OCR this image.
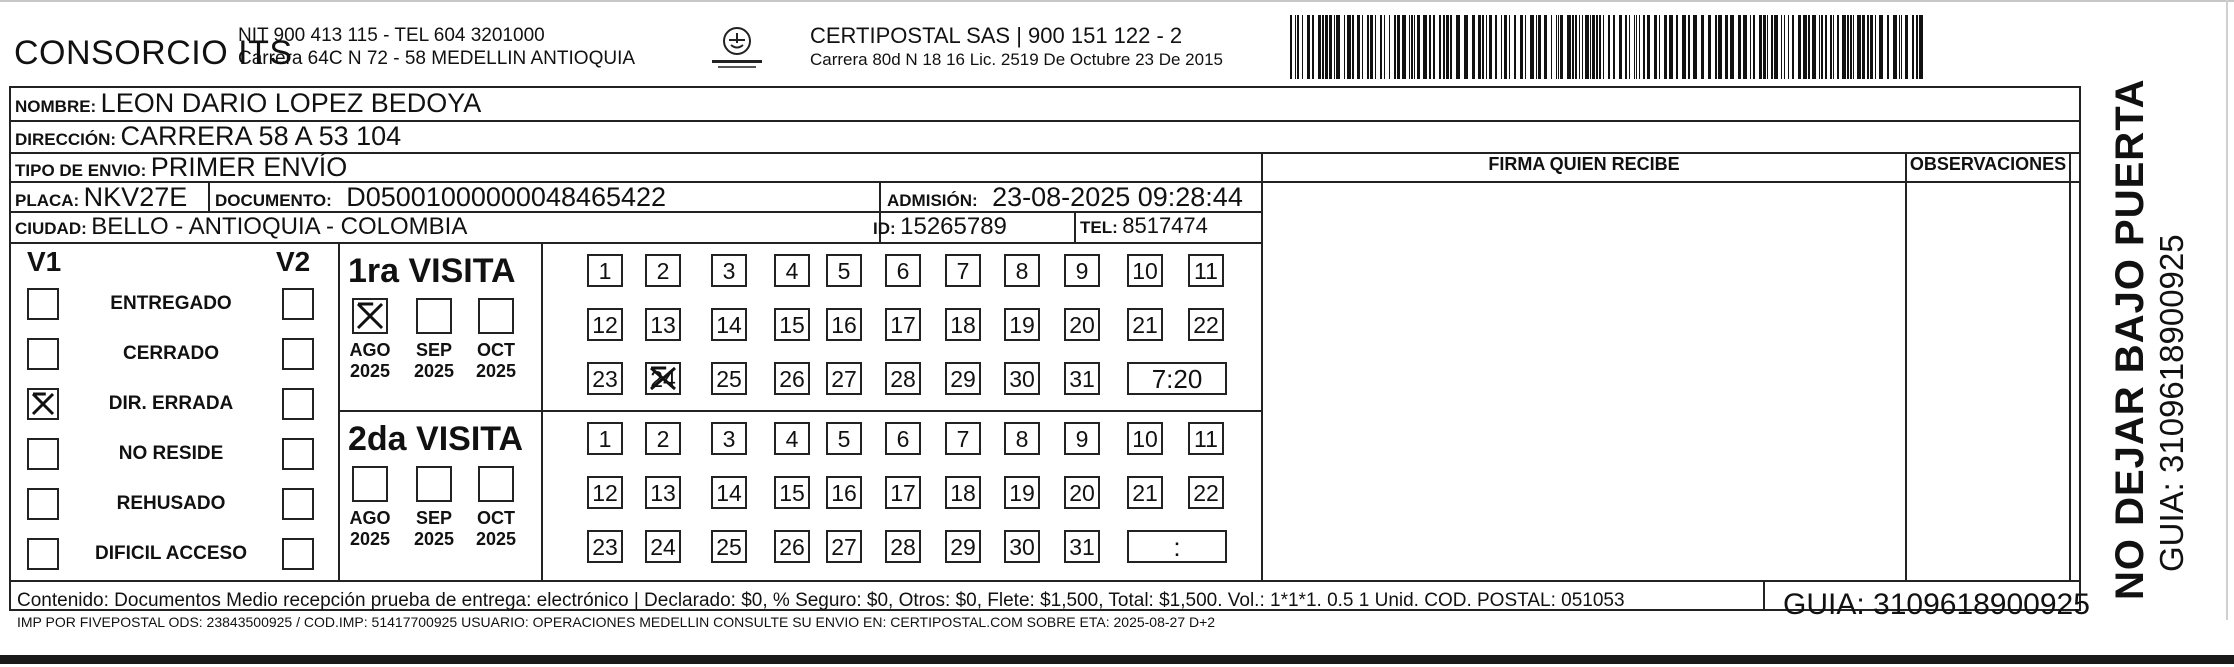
CONSORCIO ITS
NIT 900 413 115 - TEL 604 3201000
Carrera 64C N 72 - 58 MEDELLIN ANTIOQUIA
CERTIPOSTAL SAS | 900 151 122 - 2
Carrera 80d N 18 16 Lic. 2519 De Octubre 23 De 2015
NOMBRE: LEON DARIO LOPEZ BEDOYA
DIRECCIÓN: CARRERA 58 A 53 104
TIPO DE ENVIO: PRIMER ENVÍO
PLACA: NKV27E DOCUMENTO: D05001000000048465422	ADMISIÓN: 23-08-2025 09:28:44
CIUDAD: BELLO - ANTIOQUIA - COLOMBIA	ID: 15265789	TEL: 8517474
FIRMA QUIEN RECIBE	OBSERVACIONES
V1	V2
ENTREGADO
CERRADO
DIR. ERRADA
NO RESIDE
REHUSADO
DIFICIL ACCESO
1ra VISITA
AGO
2025
SEP
2025
OCT
2025
1	2	3	4	5	6	7	8	9	10 11
12 13 14 15 16 17 18 19 20 21 22
23 24 25 26 27 28 29 30 31	7:20
2da VISITA
AGO
2025
SEP
2025
OCT
2025
1	2	3	4	5	6	7	8	9	10 11
12 13 14 15 16 17 18 19 20 21 22
23 24 25 26 27 28 29 30 31	:
Contenido: Documentos Medio recepción prueba de entrega: electrónico | Declarado: $0, % Seguro: $0, Otros: $0, Flete: $1,500, Total: $1,500. Vol.: 1*1*1. 0.5 1 Unid. COD. POSTAL: 051053
IMP POR FIVEPOSTAL ODS: 23843500925 / COD.IMP: 51417700925 USUARIO: OPERACIONES MEDELLIN CONSULTE SU ENVIO EN: CERTIPOSTAL.COM SOBRE ETA: 2025-08-27 D+2
GUIA: 3109618900925
NO DEJAR BAJO PUERTA GUIA: 3109618900925
